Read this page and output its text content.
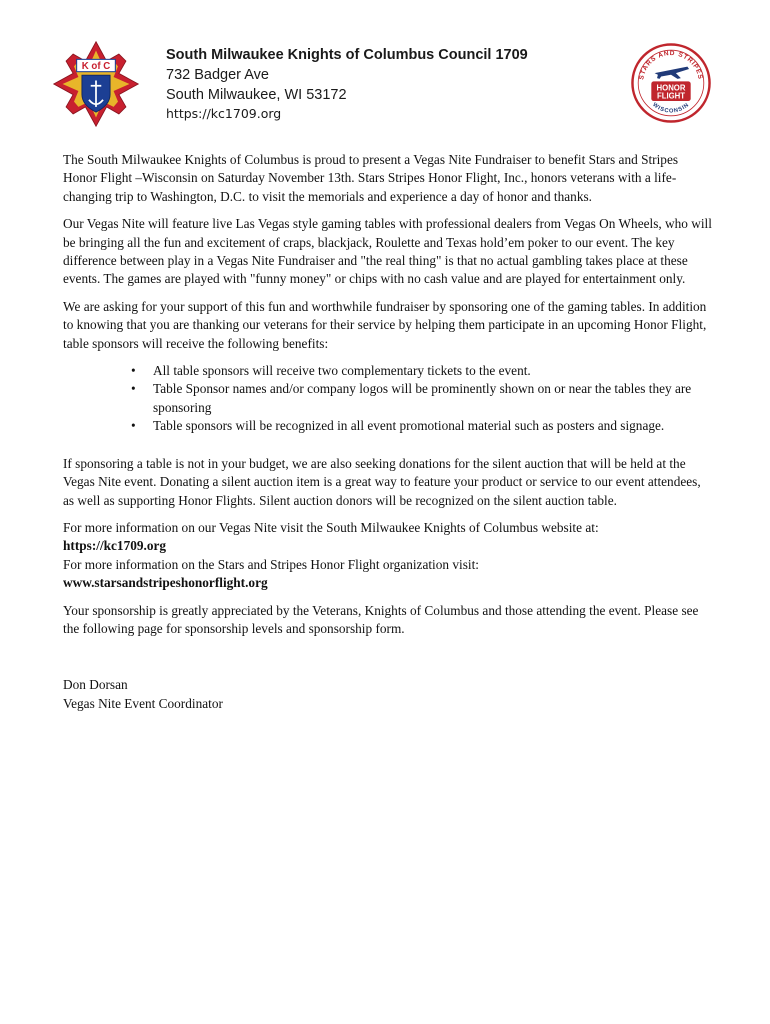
K of C
STARS AND STRIPES
WISCONSIN
HONOR
FLIGHT
South Milwaukee Knights of Columbus Council 1709
732 Badger Ave
South Milwaukee, WI 53172
https://kc1709.org

The South Milwaukee Knights of Columbus is proud to present a Vegas Nite Fundraiser to benefit Stars and Stripes Honor Flight –Wisconsin on Saturday November 13th. Stars Stripes Honor Flight, Inc., honors veterans with a life-changing trip to Washington, D.C. to visit the memorials and experience a day of honor and thanks.

Our Vegas Nite will feature live Las Vegas style gaming tables with professional dealers from Vegas On Wheels, who will be bringing all the fun and excitement of craps, blackjack, Roulette and Texas hold’em poker to our event. The key difference between play in a Vegas Nite Fundraiser and "the real thing" is that no actual gambling takes place at these events. The games are played with "funny money" or chips with no cash value and are played for entertainment only.

We are asking for your support of this fun and worthwhile fundraiser by sponsoring one of the gaming tables. In addition to knowing that you are thanking our veterans for their service by helping them participate in an upcoming Honor Flight, table sponsors will receive the following benefits:

• All table sponsors will receive two complementary tickets to the event.
• Table Sponsor names and/or company logos will be prominently shown on or near the tables they are sponsoring
• Table sponsors will be recognized in all event promotional material such as posters and signage.

If sponsoring a table is not in your budget, we are also seeking donations for the silent auction that will be held at the Vegas Nite event. Donating a silent auction item is a great way to feature your product or service to our event attendees, as well as supporting Honor Flights. Silent auction donors will be recognized on the silent auction table.

For more information on our Vegas Nite visit the South Milwaukee Knights of Columbus website at:
https://kc1709.org
For more information on the Stars and Stripes Honor Flight organization visit:
www.starsandstripeshonorflight.org

Your sponsorship is greatly appreciated by the Veterans, Knights of Columbus and those attending the event. Please see the following page for sponsorship levels and sponsorship form.

Don Dorsan
Vegas Nite Event Coordinator
